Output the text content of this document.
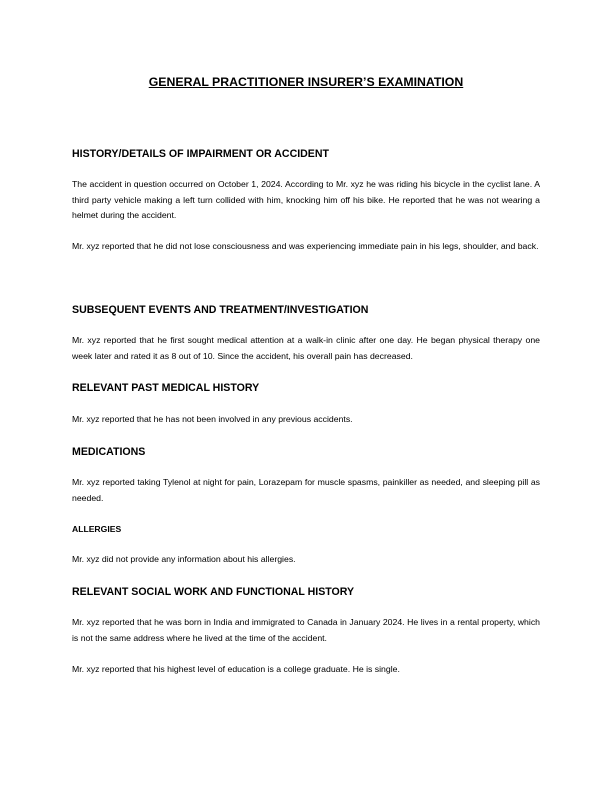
GENERAL PRACTITIONER INSURER’S EXAMINATION
HISTORY/DETAILS OF IMPAIRMENT OR ACCIDENT
The accident in question occurred on October 1, 2024. According to Mr. xyz he was riding his bicycle in the cyclist lane. A third party vehicle making a left turn collided with him, knocking him off his bike. He reported that he was not wearing a helmet during the accident.
Mr. xyz reported that he did not lose consciousness and was experiencing immediate pain in his legs, shoulder, and back.
SUBSEQUENT EVENTS AND TREATMENT/INVESTIGATION
Mr. xyz reported that he first sought medical attention at a walk-in clinic after one day. He began physical therapy one week later and rated it as 8 out of 10. Since the accident, his overall pain has decreased.
RELEVANT PAST MEDICAL HISTORY
Mr. xyz reported that he has not been involved in any previous accidents.
MEDICATIONS
Mr. xyz reported taking Tylenol at night for pain, Lorazepam for muscle spasms, painkiller as needed, and sleeping pill as needed.
ALLERGIES
Mr. xyz did not provide any information about his allergies.
RELEVANT SOCIAL WORK AND FUNCTIONAL HISTORY
Mr. xyz reported that he was born in India and immigrated to Canada in January 2024. He lives in a rental property, which is not the same address where he lived at the time of the accident.
Mr. xyz reported that his highest level of education is a college graduate. He is single.
